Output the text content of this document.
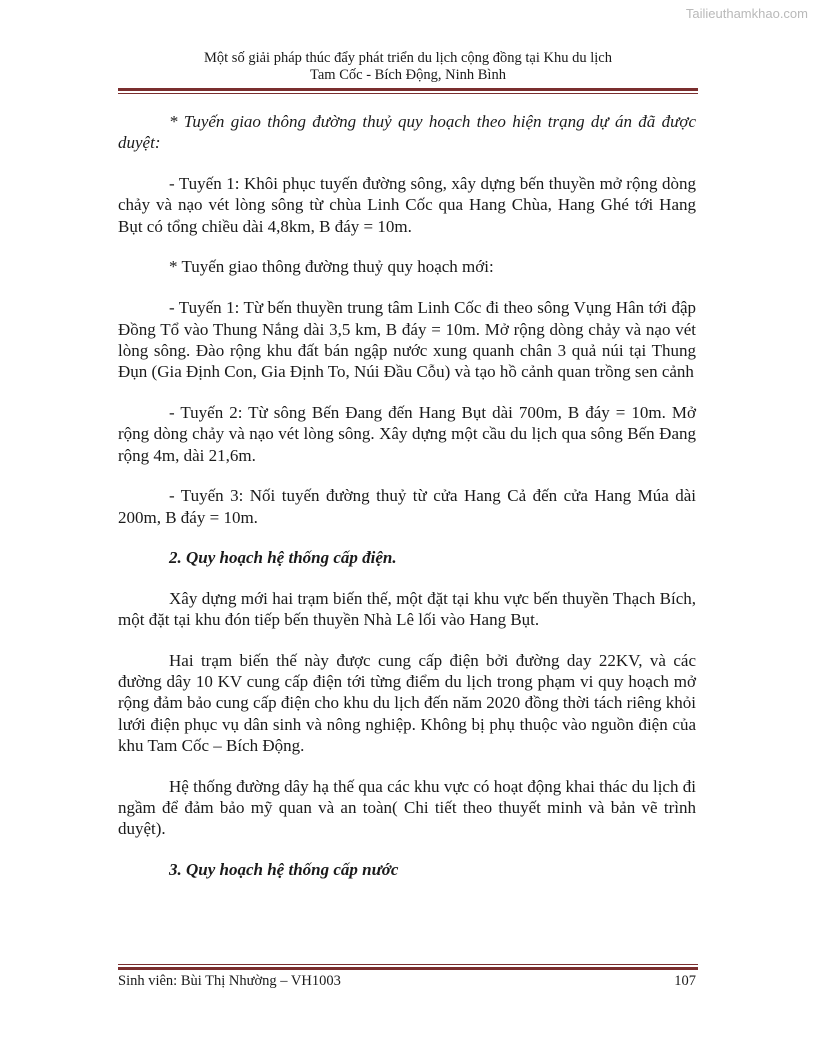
Tailieuthamkhao.com
Một số giải pháp thúc đẩy phát triển du lịch cộng đồng tại Khu du lịch
Tam Cốc - Bích Động, Ninh Bình

* Tuyến giao thông đường thuỷ quy hoạch theo hiện trạng dự án đã được duyệt:

- Tuyến 1: Khôi phục tuyến đường sông, xây dựng bến thuyền mở rộng dòng chảy và nạo vét lòng sông từ chùa Linh Cốc qua Hang Chùa, Hang Ghé tới Hang Bụt có tổng chiều dài 4,8km, B đáy = 10m.

* Tuyến giao thông đường thuỷ quy hoạch mới:

- Tuyến 1: Từ bến thuyền trung tâm Linh Cốc đi theo sông Vụng Hân tới đập Đồng Tổ vào Thung Nắng dài 3,5 km, B đáy = 10m. Mở rộng dòng chảy và nạo vét lòng sông. Đào rộng khu đất bán ngập nước xung quanh chân 3 quả núi tại Thung Đụn (Gia Định Con, Gia Định To, Núi Đầu Cỗu) và tạo hồ cảnh quan trồng sen cảnh

- Tuyến 2: Từ sông Bến Đang đến Hang Bụt dài 700m, B đáy = 10m. Mở rộng dòng chảy và nạo vét lòng sông. Xây dựng một cầu du lịch qua sông Bến Đang rộng 4m, dài 21,6m.

- Tuyến 3: Nối tuyến đường thuỷ từ cửa Hang Cả đến cửa Hang Múa dài 200m, B đáy = 10m.

2. Quy hoạch hệ thống cấp điện.

Xây dựng mới hai trạm biến thế, một đặt tại khu vực bến thuyền Thạch Bích, một đặt tại khu đón tiếp bến thuyền Nhà Lê lối vào Hang Bụt.

Hai trạm biến thế này được cung cấp điện bởi đường day 22KV, và các đường dây 10 KV cung cấp điện tới từng điểm du lịch trong phạm vi quy hoạch mở rộng đảm bảo cung cấp điện cho khu du lịch đến năm 2020 đồng thời tách riêng khỏi lưới điện phục vụ dân sinh và nông nghiệp. Không bị phụ thuộc vào nguồn điện của khu Tam Cốc – Bích Động.

Hệ thống đường dây hạ thế qua các khu vực có hoạt động khai thác du lịch đi ngầm để đảm bảo mỹ quan và an toàn( Chi tiết theo thuyết minh và bản vẽ trình duyệt).

3. Quy hoạch hệ thống cấp nước

Sinh viên: Bùi Thị Nhường – VH1003	107
